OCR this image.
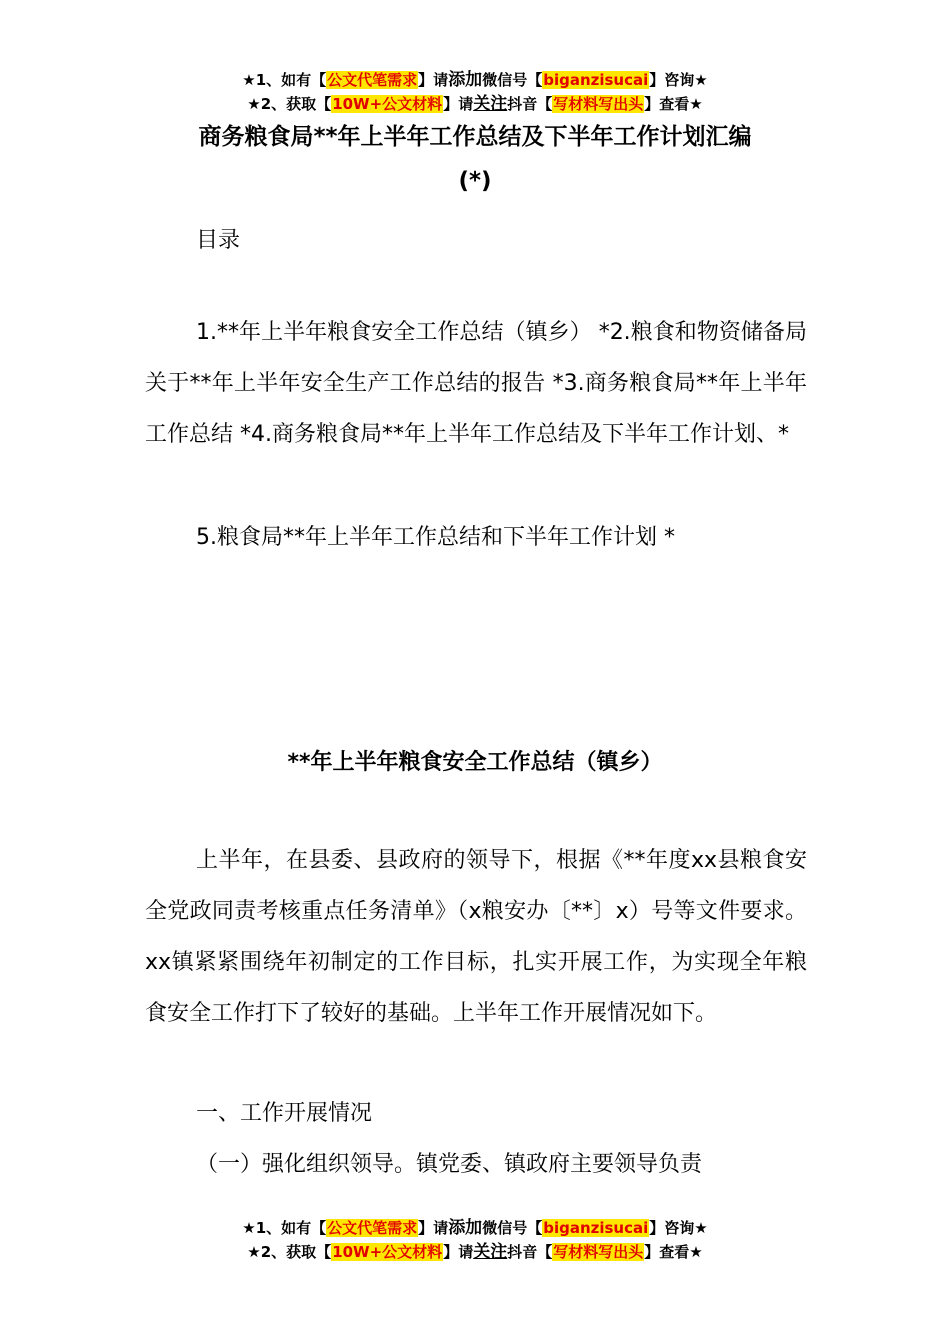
★1、如有【公文代笔需求】请添加微信号【biganzisucai】咨询★
★2、获取【10W+公文材料】请关注抖音【写材料写出头】查看★
商务粮食局**年上半年工作总结及下半年工作计划汇编
(*)
目录
1.**年上半年粮食安全工作总结（镇乡） *2.粮食和物资储备局关于**年上半年安全生产工作总结的报告 *3.商务粮食局**年上半年工作总结 *4.商务粮食局**年上半年工作总结及下半年工作计划、*
5.粮食局**年上半年工作总结和下半年工作计划 *
**年上半年粮食安全工作总结（镇乡）
上半年，在县委、县政府的领导下，根据《**年度xx县粮食安全党政同责考核重点任务清单》（x粮安办〔**〕x）号等文件要求。xx镇紧紧围绕年初制定的工作目标，扎实开展工作，为实现全年粮食安全工作打下了较好的基础。上半年工作开展情况如下。
一、工作开展情况
（一）强化组织领导。镇党委、镇政府主要领导负责
★1、如有【公文代笔需求】请添加微信号【biganzisucai】咨询★
★2、获取【10W+公文材料】请关注抖音【写材料写出头】查看★
